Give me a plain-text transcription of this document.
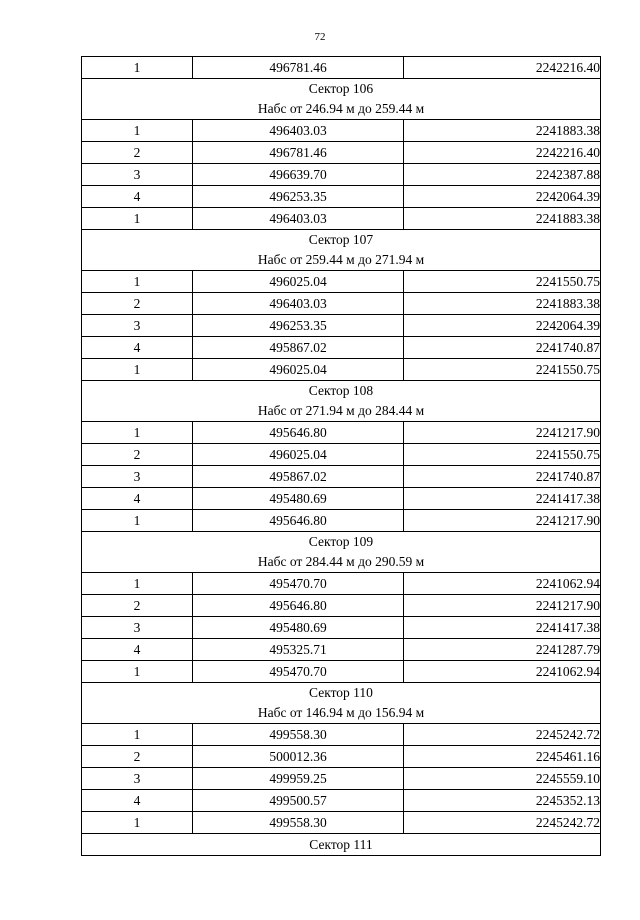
72
1	496781.46	2242216.40

Сектор 106
Набс от 246.94 м до 259.44 м		

1	496403.03	2241883.38
2	496781.46	2242216.40
3	496639.70	2242387.88
4	496253.35	2242064.39
1	496403.03	2241883.38

Сектор 107
Набс от 259.44 м до 271.94 м		

1	496025.04	2241550.75
2	496403.03	2241883.38
3	496253.35	2242064.39
4	495867.02	2241740.87
1	496025.04	2241550.75

Сектор 108
Набс от 271.94 м до 284.44 м		

1	495646.80	2241217.90
2	496025.04	2241550.75
3	495867.02	2241740.87
4	495480.69	2241417.38
1	495646.80	2241217.90

Сектор 109
Набс от 284.44 м до 290.59 м		

1	495470.70	2241062.94
2	495646.80	2241217.90
3	495480.69	2241417.38
4	495325.71	2241287.79
1	495470.70	2241062.94

Сектор 110
Набс от 146.94 м до 156.94 м		

1	499558.30	2245242.72
2	500012.36	2245461.16
3	499959.25	2245559.10
4	499500.57	2245352.13
1	499558.30	2245242.72
Сектор 111		
